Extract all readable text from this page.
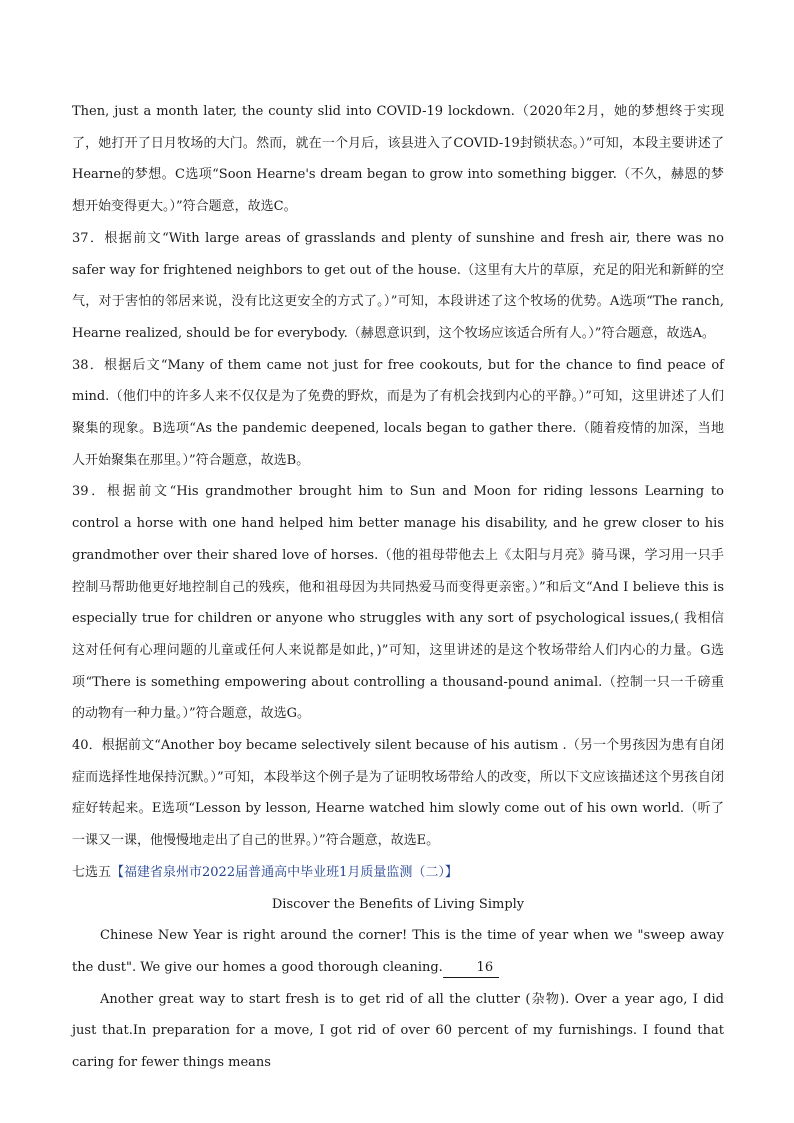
Then, just a month later, the county slid into COVID-19 lockdown.（2020年2月，她的梦想终于实现了，她打开了日月牧场的大门。然而，就在一个月后，该县进入了COVID-19封锁状态。）”可知，本段主要讲述了Hearne的梦想。C选项“Soon Hearne's dream began to grow into something bigger.（不久，赫恩的梦想开始变得更大。）”符合题意，故选C。

37．根据前文“With large areas of grasslands and plenty of sunshine and fresh air, there was no safer way for frightened neighbors to get out of the house.（这里有大片的草原，充足的阳光和新鲜的空气，对于害怕的邻居来说，没有比这更安全的方式了。）”可知，本段讲述了这个牧场的优势。A选项“The ranch, Hearne realized, should be for everybody.（赫恩意识到，这个牧场应该适合所有人。）”符合题意，故选A。

38．根据后文“Many of them came not just for free cookouts, but for the chance to find peace of mind.（他们中的许多人来不仅仅是为了免费的野炊，而是为了有机会找到内心的平静。）”可知，这里讲述了人们聚集的现象。B选项“As the pandemic deepened, locals began to gather there.（随着疫情的加深，当地人开始聚集在那里。）”符合题意，故选B。

39．根据前文“His grandmother brought him to Sun and Moon for riding lessons Learning to control a horse with one hand helped him better manage his disability, and he grew closer to his grandmother over their shared love of horses.（他的祖母带他去上《太阳与月亮》骑马课，学习用一只手控制马帮助他更好地控制自己的残疾，他和祖母因为共同热爱马而变得更亲密。）”和后文“And I believe this is especially true for children or anyone who struggles with any sort of psychological issues,( 我相信这对任何有心理问题的儿童或任何人来说都是如此，)”可知，这里讲述的是这个牧场带给人们内心的力量。G选项“There is something empowering about controlling a thousand-pound animal.（控制一只一千磅重的动物有一种力量。）”符合题意，故选G。

40．根据前文“Another boy became selectively silent because of his autism .（另一个男孩因为患有自闭症而选择性地保持沉默。）”可知，本段举这个例子是为了证明牧场带给人的改变，所以下文应该描述这个男孩自闭症好转起来。E选项“Lesson by lesson, Hearne watched him slowly come out of his own world.（听了一课又一课，他慢慢地走出了自己的世界。）”符合题意，故选E。

七选五【福建省泉州市2022届普通高中毕业班1月质量监测（二）】

Discover the Benefits of Living Simply

Chinese New Year is right around the corner! This is the time of year when we "sweep away the dust". We give our homes a good thorough cleaning.	16

Another great way to start fresh is to get rid of all the clutter (杂物). Over a year ago, I did just that.In preparation for a move, I got rid of over 60 percent of my furnishings. I found that caring for fewer things means
